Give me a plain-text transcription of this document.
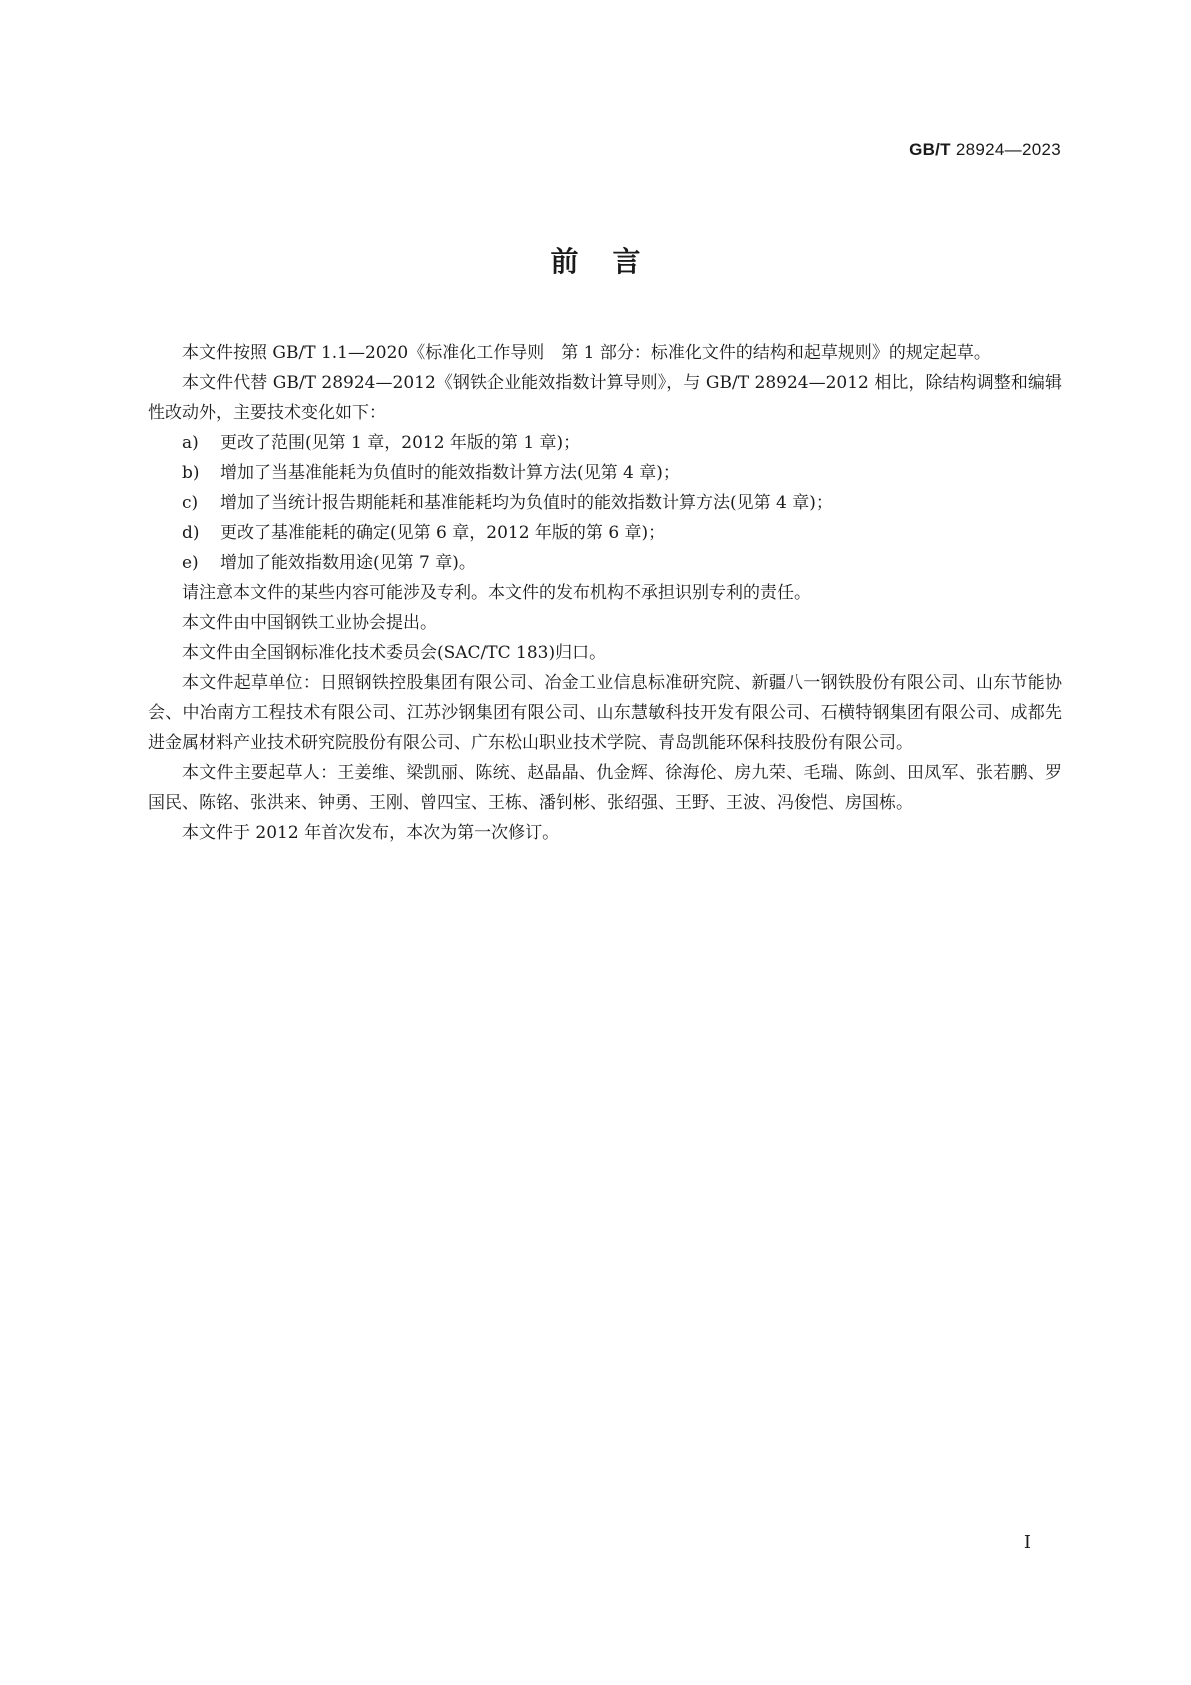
GB/T 28924—2023
前言

本文件按照 GB/T 1.1—2020《标准化工作导则　第 1 部分：标准化文件的结构和起草规则》的规定起草。

本文件代替 GB/T 28924—2012《钢铁企业能效指数计算导则》，与 GB/T 28924—2012 相比，除结构调整和编辑性改动外，主要技术变化如下：

a) 更改了范围(见第 1 章，2012 年版的第 1 章)；

b) 增加了当基准能耗为负值时的能效指数计算方法(见第 4 章)；

c) 增加了当统计报告期能耗和基准能耗均为负值时的能效指数计算方法(见第 4 章)；

d) 更改了基准能耗的确定(见第 6 章，2012 年版的第 6 章)；

e) 增加了能效指数用途(见第 7 章)。

请注意本文件的某些内容可能涉及专利。本文件的发布机构不承担识别专利的责任。

本文件由中国钢铁工业协会提出。

本文件由全国钢标准化技术委员会(SAC/TC 183)归口。

本文件起草单位：日照钢铁控股集团有限公司、冶金工业信息标准研究院、新疆八一钢铁股份有限公司、山东节能协会、中冶南方工程技术有限公司、江苏沙钢集团有限公司、山东慧敏科技开发有限公司、石横特钢集团有限公司、成都先进金属材料产业技术研究院股份有限公司、广东松山职业技术学院、青岛凯能环保科技股份有限公司。

本文件主要起草人：王姜维、梁凯丽、陈统、赵晶晶、仇金辉、徐海伦、房九荣、毛瑞、陈剑、田凤军、张若鹏、罗国民、陈铭、张洪来、钟勇、王刚、曾四宝、王栋、潘钊彬、张绍强、王野、王波、冯俊恺、房国栋。

本文件于 2012 年首次发布，本次为第一次修订。

I
